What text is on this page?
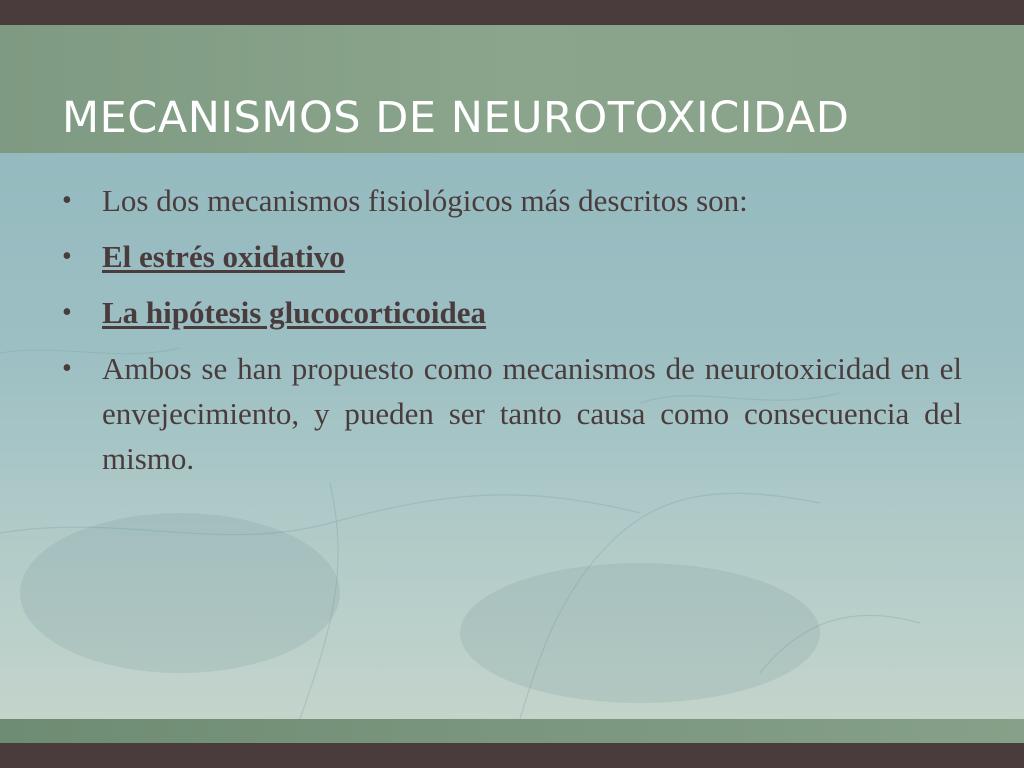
MECANISMOS DE NEUROTOXICIDAD
• Los dos mecanismos fisiológicos más descritos son:
• El estrés oxidativo
• La hipótesis glucocorticoidea
• Ambos se han propuesto como mecanismos de neurotoxicidad en el envejecimiento, y pueden ser tanto causa como consecuencia del mismo.
